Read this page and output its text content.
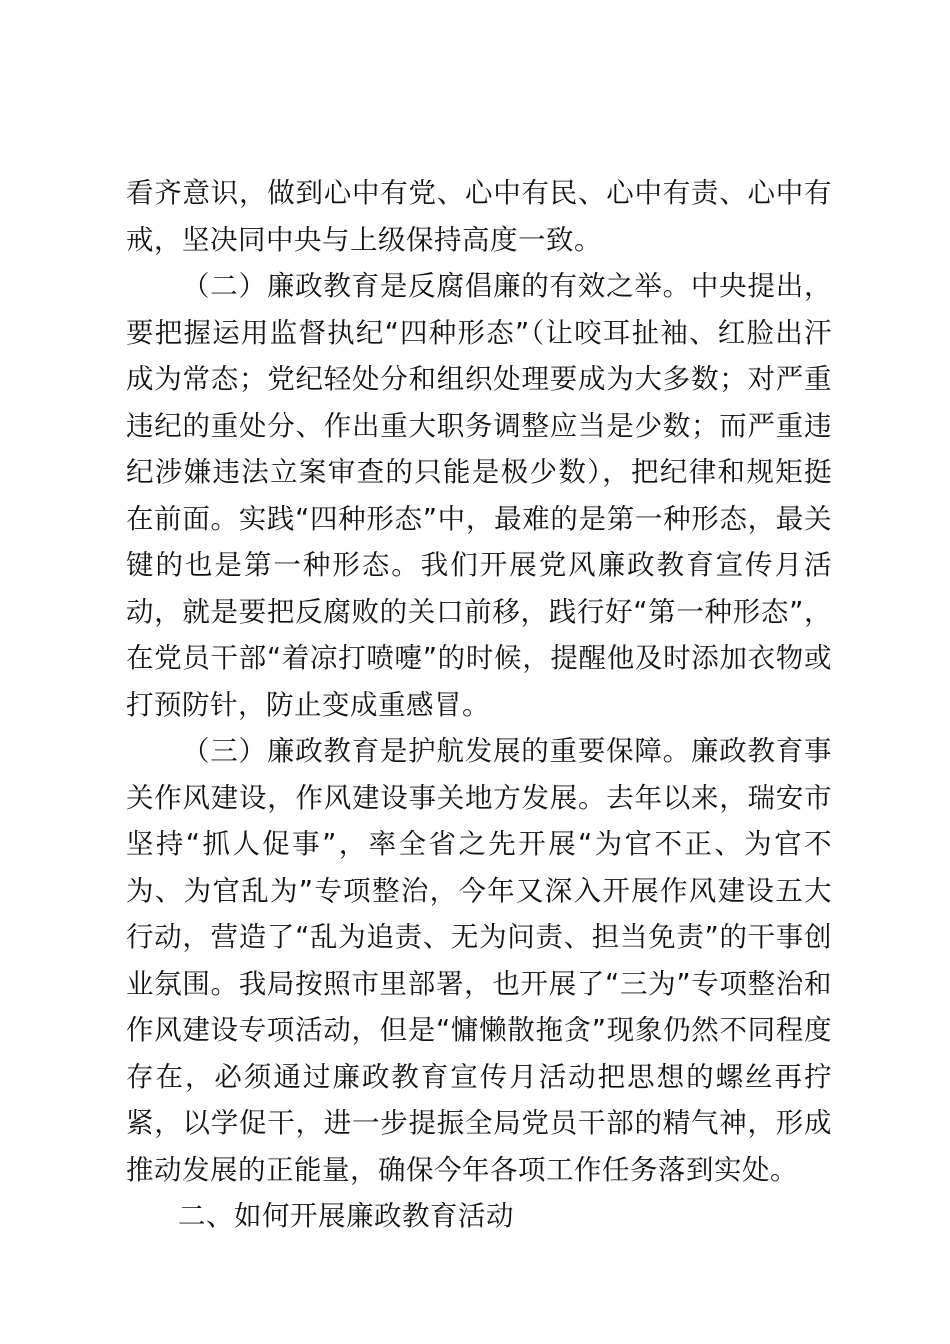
看齐意识，做到心中有党、心中有民、心中有责、心中有戒，坚决同中央与上级保持高度一致。

（二）廉政教育是反腐倡廉的有效之举。中央提出，要把握运用监督执纪“四种形态”（让咬耳扯袖、红脸出汗成为常态；党纪轻处分和组织处理要成为大多数；对严重违纪的重处分、作出重大职务调整应当是少数；而严重违纪涉嫌违法立案审查的只能是极少数），把纪律和规矩挺在前面。实践“四种形态”中，最难的是第一种形态，最关键的也是第一种形态。我们开展党风廉政教育宣传月活动，就是要把反腐败的关口前移，践行好“第一种形态”，在党员干部“着凉打喷嚏”的时候，提醒他及时添加衣物或打预防针，防止变成重感冒。

（三）廉政教育是护航发展的重要保障。廉政教育事关作风建设，作风建设事关地方发展。去年以来，瑞安市坚持“抓人促事”，率全省之先开展“为官不正、为官不为、为官乱为”专项整治，今年又深入开展作风建设五大行动，营造了“乱为追责、无为问责、担当免责”的干事创业氛围。我局按照市里部署，也开展了“三为”专项整治和作风建设专项活动，但是“慵懒散拖贪”现象仍然不同程度存在，必须通过廉政教育宣传月活动把思想的螺丝再拧紧，以学促干，进一步提振全局党员干部的精气神，形成推动发展的正能量，确保今年各项工作任务落到实处。

二、如何开展廉政教育活动
